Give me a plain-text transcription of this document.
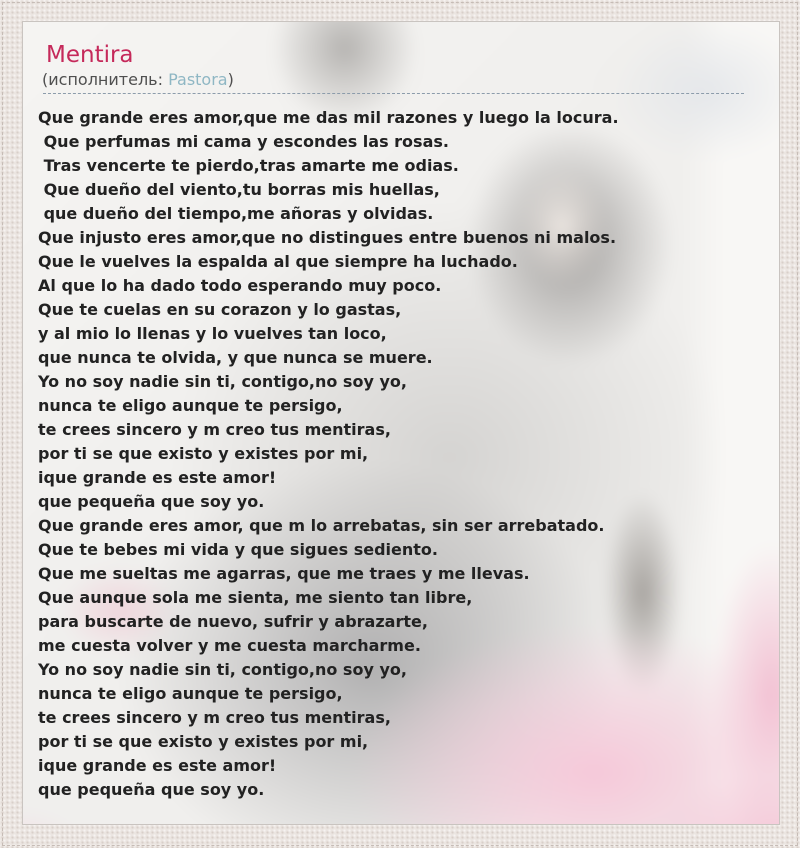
Mentira
(исполнитель: Pastora)
Que grande eres amor,que me das mil razones y luego la locura.
Que perfumas mi cama y escondes las rosas.
Tras vencerte te pierdo,tras amarte me odias.
Que dueño del viento,tu borras mis huellas,
que dueño del tiempo,me añoras y olvidas.
Que injusto eres amor,que no distingues entre buenos ni malos.
Que le vuelves la espalda al que siempre ha luchado.
Al que lo ha dado todo esperando muy poco.
Que te cuelas en su corazon y lo gastas,
y al mio lo llenas y lo vuelves tan loco,
que nunca te olvida, y que nunca se muere.
Yo no soy nadie sin ti, contigo,no soy yo,
nunca te eligo aunque te persigo,
te crees sincero y m creo tus mentiras,
por ti se que existo y existes por mi,
ique grande es este amor!
que pequeña que soy yo.
Que grande eres amor, que m lo arrebatas, sin ser arrebatado.
Que te bebes mi vida y que sigues sediento.
Que me sueltas me agarras, que me traes y me llevas.
Que aunque sola me sienta, me siento tan libre,
para buscarte de nuevo, sufrir y abrazarte,
me cuesta volver y me cuesta marcharme.
Yo no soy nadie sin ti, contigo,no soy yo,
nunca te eligo aunque te persigo,
te crees sincero y m creo tus mentiras,
por ti se que existo y existes por mi,
ique grande es este amor!
que pequeña que soy yo.
